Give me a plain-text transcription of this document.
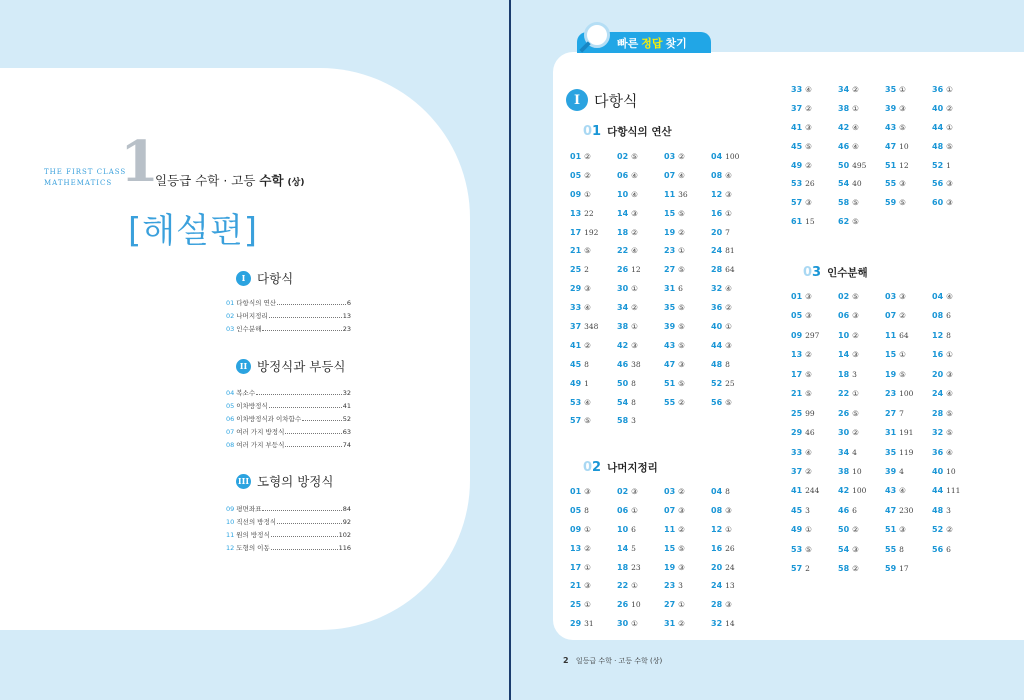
THE FIRST CLASS
MATHEMATICS 1
일등급 수학 · 고등 수학 (상)
[해설편]
I 다항식
01 다항식의 연산	6
02 나머지정리	13
03 인수분해	23
II 방정식과 부등식
04 복소수	32
05 이차방정식	41
06 이차방정식과 이차함수	52
07 여러 가지 방정식	63
08 여러 가지 부등식	74
III 도형의 방정식
09 평면좌표	84
10 직선의 방정식	92
11 원의 방정식	102
12 도형의 이동	116
빠른 정답 찾기
I 다항식
01 다항식의 연산
01 ②	02 ⑤	03 ②	04 100
05 ②	06 ④	07 ④	08 ④
09 ①	10 ④	11 36	12 ③
13 22	14 ③	15 ⑤	16 ①
17 192	18 ②	19 ②	20 7
21 ⑤	22 ④	23 ①	24 81
25 2	26 12	27 ⑤	28 64
29 ③	30 ①	31 6	32 ④
33 ④	34 ②	35 ⑤	36 ②
37 348	38 ①	39 ⑤	40 ①
41 ②	42 ③	43 ⑤	44 ③
45 8	46 38	47 ③	48 8
49 1	50 8	51 ⑤	52 25
53 ④	54 8	55 ②	56 ⑤
57 ⑤	58 3
02 나머지정리
01 ③	02 ③	03 ②	04 8
05 8	06 ①	07 ③	08 ③
09 ①	10 6	11 ②	12 ①
13 ②	14 5	15 ⑤	16 26
17 ①	18 23	19 ③	20 24
21 ③	22 ①	23 3	24 13
25 ①	26 10	27 ①	28 ③
29 31	30 ①	31 ②	32 14
33 ④	34 ②	35 ①	36 ①
37 ②	38 ①	39 ③	40 ②
41 ③	42 ④	43 ⑤	44 ①
45 ⑤	46 ④	47 10	48 ⑤
49 ②	50 495	51 12	52 1
53 26	54 40	55 ③	56 ③
57 ③	58 ⑤	59 ⑤	60 ③
61 15	62 ⑤
03 인수분해
01 ③	02 ⑤	03 ③	04 ④
05 ③	06 ③	07 ②	08 6
09 297	10 ②	11 64	12 8
13 ②	14 ③	15 ①	16 ①
17 ⑤	18 3	19 ⑤	20 ③
21 ⑤	22 ①	23 100	24 ④
25 99	26 ⑤	27 7	28 ⑤
29 46	30 ②	31 191	32 ⑤
33 ④	34 4	35 119	36 ④
37 ②	38 10	39 4	40 10
41 244	42 100	43 ④	44 111
45 3	46 6	47 230	48 3
49 ①	50 ②	51 ③	52 ②
53 ⑤	54 ③	55 8	56 6
57 2	58 ②	59 17
2 일등급 수학 · 고등 수학 (상)
